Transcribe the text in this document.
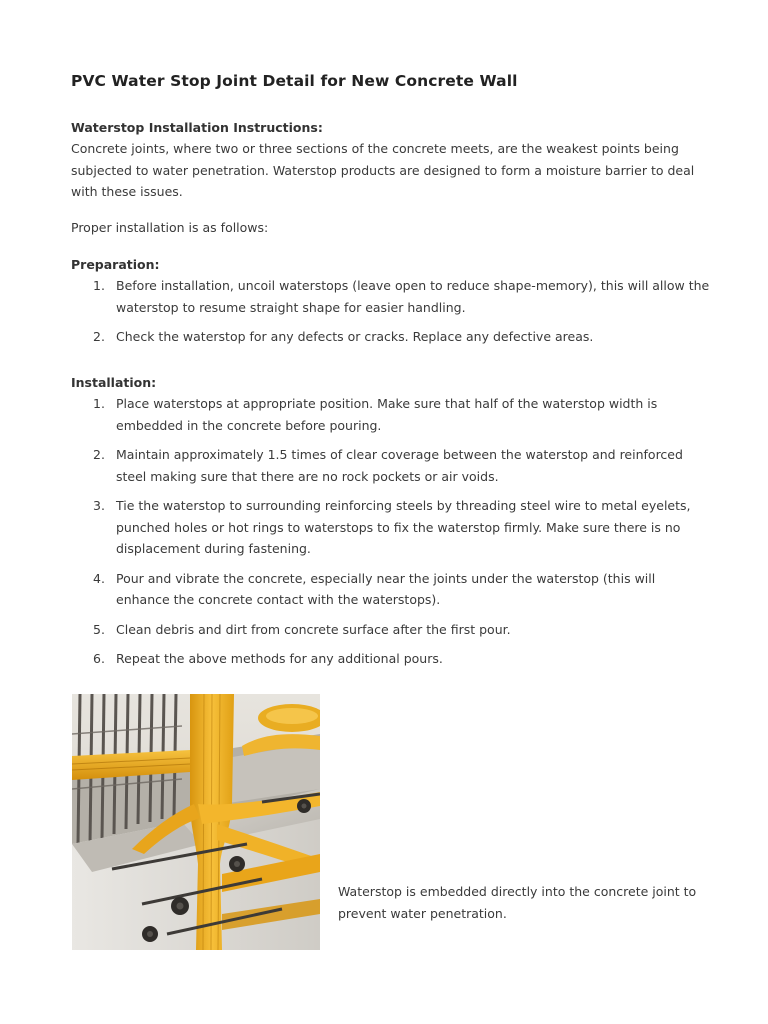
PVC Water Stop Joint Detail for New Concrete Wall

Waterstop Installation Instructions:

Concrete joints, where two or three sections of the concrete meets, are the weakest points being subjected to water penetration. Waterstop products are designed to form a moisture barrier to deal with these issues.

Proper installation is as follows:

Preparation:

1. Before installation, uncoil waterstops (leave open to reduce shape-memory), this will allow the waterstop to resume straight shape for easier handling.
2. Check the waterstop for any defects or cracks. Replace any defective areas.

Installation:

1. Place waterstops at appropriate position. Make sure that half of the waterstop width is embedded in the concrete before pouring.
2. Maintain approximately 1.5 times of clear coverage between the waterstop and reinforced steel making sure that there are no rock pockets or air voids.
3. Tie the waterstop to surrounding reinforcing steels by threading steel wire to metal eyelets, punched holes or hot rings to waterstops to fix the waterstop firmly. Make sure there is no displacement during fastening.
4. Pour and vibrate the concrete, especially near the joints under the waterstop (this will enhance the concrete contact with the waterstops).
5. Clean debris and dirt from concrete surface after the first pour.
6. Repeat the above methods for any additional pours.

Waterstop is embedded directly into the concrete joint to prevent water penetration.
